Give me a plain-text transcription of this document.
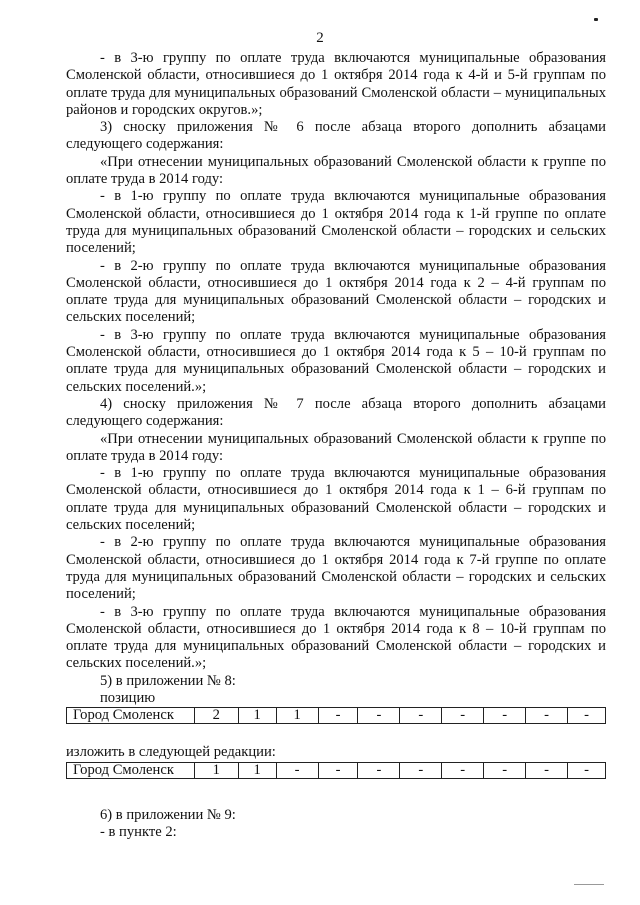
2

- в 3-ю группу по оплате труда включаются муниципальные образования Смоленской области, относившиеся до 1 октября 2014 года к 4-й и 5-й группам по оплате труда для муниципальных образований Смоленской области – муниципальных районов и городских округов.»;

3) сноску приложения № 6 после абзаца второго дополнить абзацами следующего содержания:

«При отнесении муниципальных образований Смоленской области к группе по оплате труда в 2014 году:

- в 1-ю группу по оплате труда включаются муниципальные образования Смоленской области, относившиеся до 1 октября 2014 года к 1-й группе по оплате труда для муниципальных образований Смоленской области – городских и сельских поселений;

- в 2-ю группу по оплате труда включаются муниципальные образования Смоленской области, относившиеся до 1 октября 2014 года к 2 – 4-й группам по оплате труда для муниципальных образований Смоленской области – городских и сельских поселений;

- в 3-ю группу по оплате труда включаются муниципальные образования Смоленской области, относившиеся до 1 октября 2014 года к 5 – 10-й группам по оплате труда для муниципальных образований Смоленской области – городских и сельских поселений.»;

4) сноску приложения № 7 после абзаца второго дополнить абзацами следующего содержания:

«При отнесении муниципальных образований Смоленской области к группе по оплате труда в 2014 году:

- в 1-ю группу по оплате труда включаются муниципальные образования Смоленской области, относившиеся до 1 октября 2014 года к 1 – 6-й группам по оплате труда для муниципальных образований Смоленской области – городских и сельских поселений;

- в 2-ю группу по оплате труда включаются муниципальные образования Смоленской области, относившиеся до 1 октября 2014 года к 7-й группе по оплате труда для муниципальных образований Смоленской области – городских и сельских поселений;

- в 3-ю группу по оплате труда включаются муниципальные образования Смоленской области, относившиеся до 1 октября 2014 года к 8 – 10-й группам по оплате труда для муниципальных образований Смоленской области – городских и сельских поселений.»;

5) в приложении № 8:
позицию
Город Смоленск	2	1	1	-	-	-	-	-	-	-
изложить в следующей редакции:
Город Смоленск	1	1	-	-	-	-	-	-	-	-
6) в приложении № 9:
- в пункте 2:
